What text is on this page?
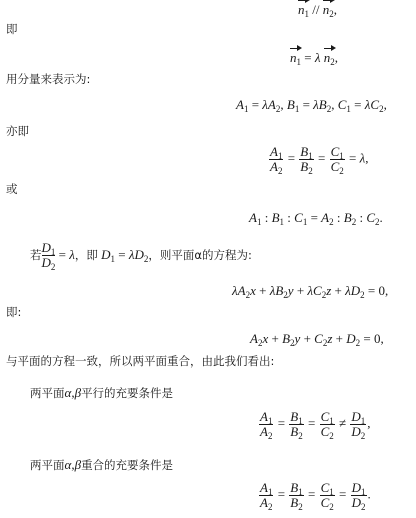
$n_1 // n_2$,
即
$n_1 = \lambda$ $n_2$,
用分量来表示为:
$A_1 = \lambda A_2$, $B_1 = \lambda B_2$, $C_1 = \lambda C_2$,
亦即
$\frac{A_1}{A_2} = \frac{B_1}{B_2} = \frac{C_1}{C_2} = \lambda$,
或
$A_1$ : $B_1$ : $C_1 = A_2$ : $B_2$ : $C_2$.
若 $\frac{D_1}{D_2} = \lambda$，即 $D_1 = \lambda D_2$，则平面α的方程为:
$\lambda A_2x + \lambda B_2y + \lambda C_2z + \lambda D_2 = 0$,
即:
$A_2x + B_2y + C_2z + D_2 = 0$,
与平面的方程一致，所以两平面重合，由此我们看出:
两平面α,β平行的充要条件是
$\frac{A_1}{A_2} = \frac{B_1}{B_2} = \frac{C_1}{C_2} \ne \frac{D_1}{D_2}$ ,
两平面α,β重合的充要条件是
$\frac{A_1}{A_2} = \frac{B_1}{B_2} = \frac{C_1}{C_2} = \frac{D_1}{D_2}$ .
